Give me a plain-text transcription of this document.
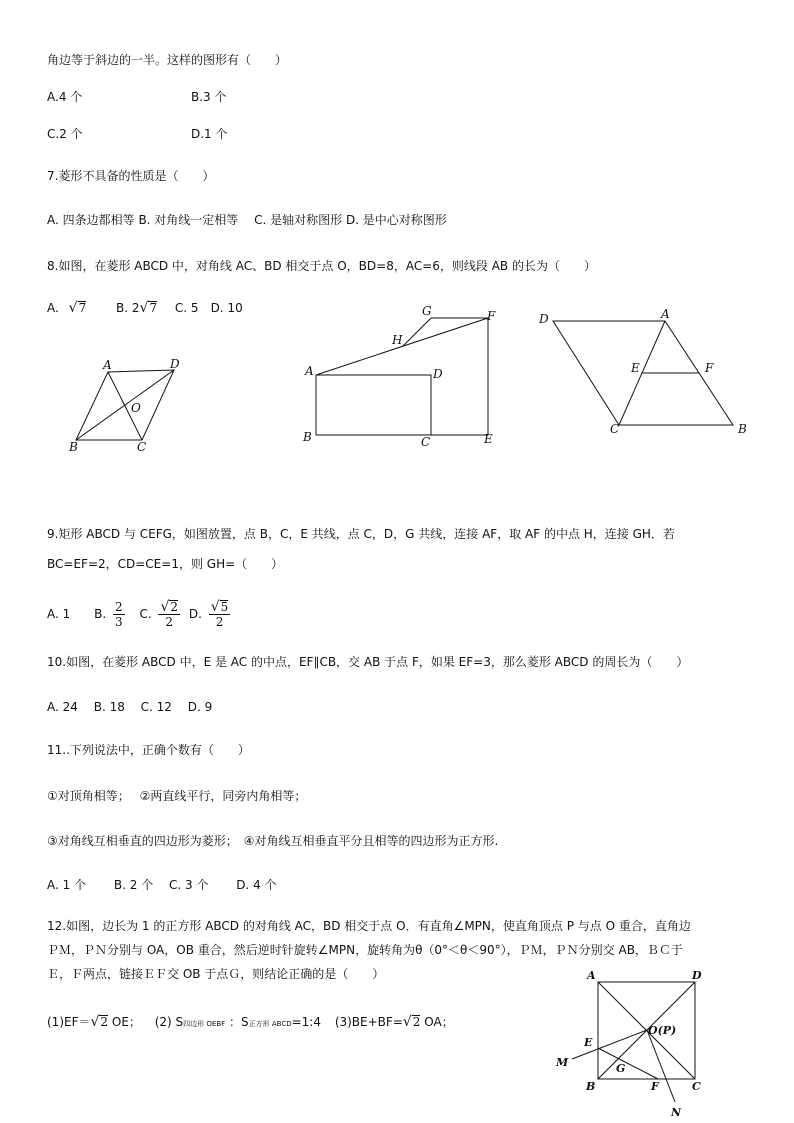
角边等于斜边的一半。这样的图形有（　　）
A.4 个	B.3 个
C.2 个	D.1 个
7.菱形不具备的性质是（　　）
A. 四条边都相等 B. 对角线一定相等　 C. 是轴对称图形 D. 是中心对称图形
8.如图，在菱形 ABCD 中，对角线 AC、BD 相交于点 O，BD=8，AC=6，则线段 AB 的长为（　　）
A. √7 B. 2√7 C. 5　D. 10
A	D
O
B	C
G	F
H
A	D
B	C	E
D	A
E	F
C	B
9.矩形 ABCD 与 CEFG，如图放置，点 B，C，E 共线，点 C，D，G 共线，连接 AF，取 AF 的中点 H，连接 GH．若
BC=EF=2，CD=CE=1，则 GH=（　　）
A. 1 B. $\frac{2}{3} C$. $\frac{√2}{2} D$. $\frac{√5}{2}$
10.如图，在菱形 ABCD 中，E 是 AC 的中点，EF∥CB，交 AB 于点 F，如果 EF=3，那么菱形 ABCD 的周长为（　　）
A. 24　 B. 18　 C. 12　 D. 9
11..下列说法中，正确个数有（　　）
①对顶角相等；　 ②两直线平行，同旁内角相等；
③对角线互相垂直的四边形为菱形；　④对角线互相垂直平分且相等的四边形为正方形.
A. 1 个　　 B. 2 个　 C. 3 个　　 D. 4 个
12.如图，边长为 1 的正方形 ABCD 的对角线 AC，BD 相交于点 O．有直角∠MPN，使直角顶点 P 与点 O 重合，直角边
ＰＭ，ＰＮ分别与 OA，OB 重合，然后逆时针旋转∠MPN，旋转角为θ（0°＜θ＜90°），ＰＭ，ＰＮ分别交 AB，ＢＣ于
Ｅ，Ｆ两点，链接ＥＦ交 OB 于点Ｇ，则结论正确的是（　　）
(1)EF＝√2 OE； (2) S四边形 OEBF ：S正方形 ABCD=1:4 (3)BE+BF=√2 OA；
A	D
O(P)
E
M	G
B	F	C
N
